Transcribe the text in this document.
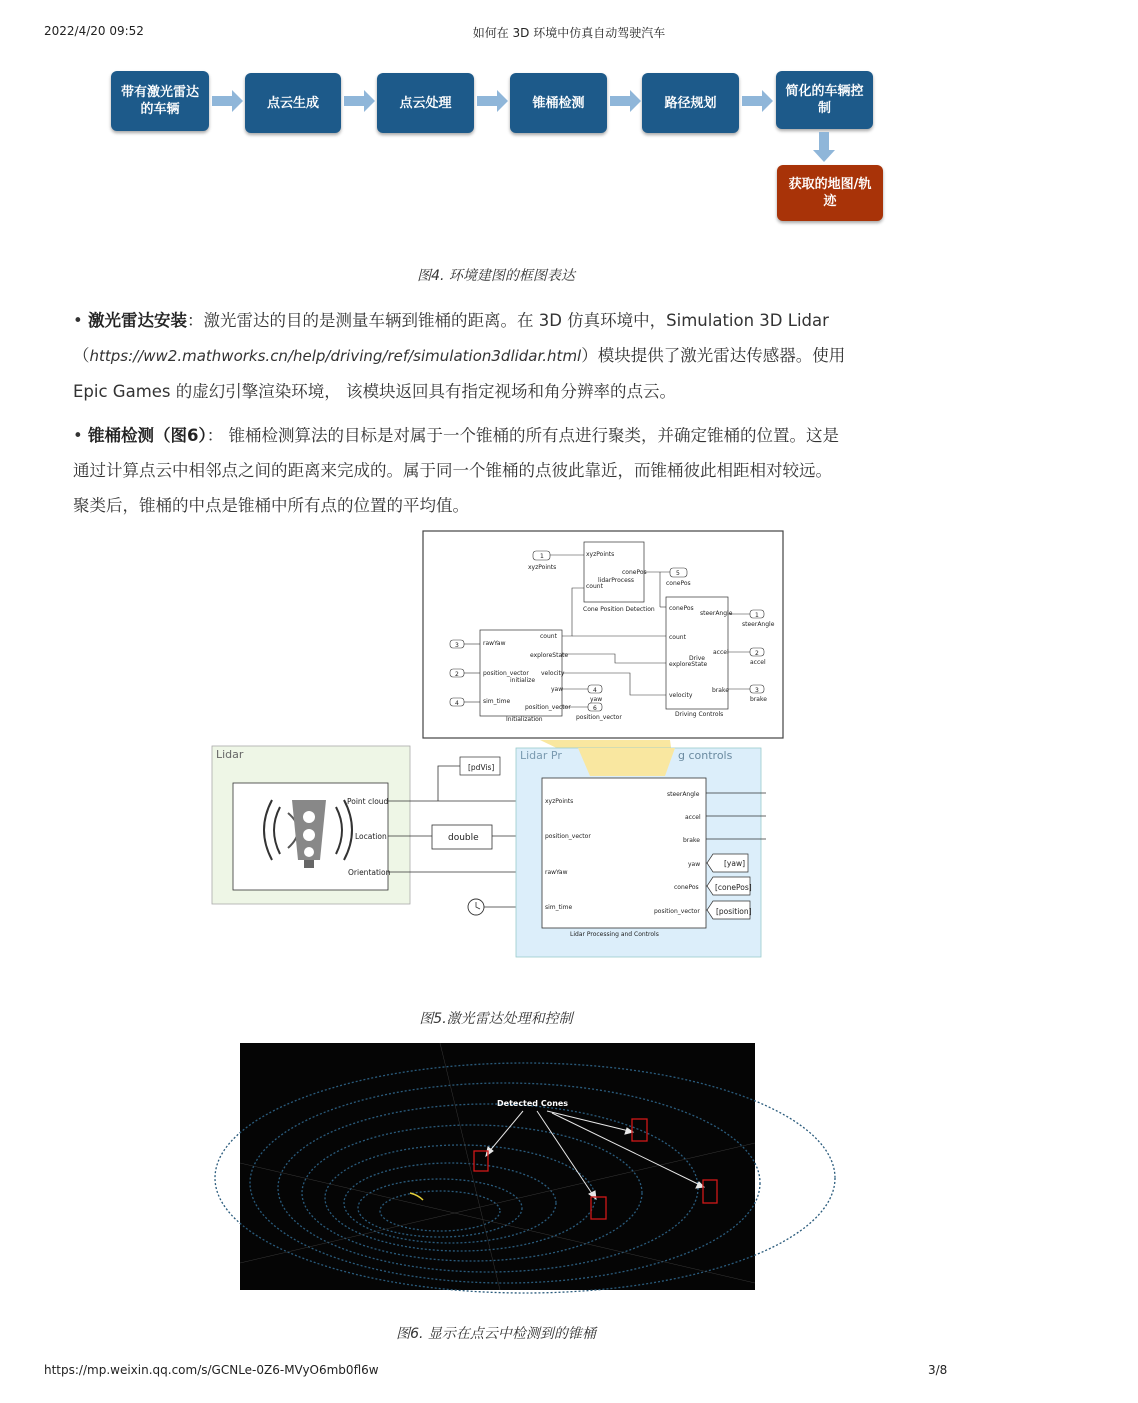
2022/4/20 09:52	如何在 3D 环境中仿真自动驾驶汽车
带有激光雷达
的车辆	点云生成	点云处理	锥桶检测	路径规划
简化的车辆控
制
获取的地图/轨
迹
图4. 环境建图的框图表达
• 激光雷达安装：激光雷达的目的是测量车辆到锥桶的距离。在 3D 仿真环境中，Simulation 3D Lidar
（https://ww2.mathworks.cn/help/driving/ref/simulation3dlidar.html）模块提供了激光雷达传感器。使用
Epic Games 的虚幻引擎渲染环境， 该模块返回具有指定视场和角分辨率的点云。
• 锥桶检测（图6）： 锥桶检测算法的目标是对属于一个锥桶的所有点进行聚类，并确定锥桶的位置。这是
通过计算点云中相邻点之间的距离来完成的。属于同一个锥桶的点彼此靠近，而锥桶彼此相距相对较远。
聚类后，锥桶的中点是锥桶中所有点的位置的平均值。
1
xyzPoints
xyzPoints
count
conePos
lidarProcess
Cone Position Detection
5
conePos
rawYaw
position_vector
sim_time
count
exploreState
velocity
yaw
position_vector
initialize
Initialization
3
2
4
4
yaw
6
position_vector
conePos
count
exploreState
velocity
steerAngle
accel
brake
Drive
Driving Controls
1
steerAngle
2
accel
3
brake
Lidar
Point cloud
Location
Orientation
[pdVis]
double
Lidar Pr	g controls
xyzPoints
position_vector
rawYaw
sim_time
steerAngle
accel
brake
yaw
conePos
position_vector
Lidar Processing and Controls
[yaw]
[conePos]
[position]
图5.激光雷达处理和控制
Detected Cones
图6. 显示在点云中检测到的锥桶
https://mp.weixin.qq.com/s/GCNLe-0Z6-MVyO6mb0fl6w	3/8
